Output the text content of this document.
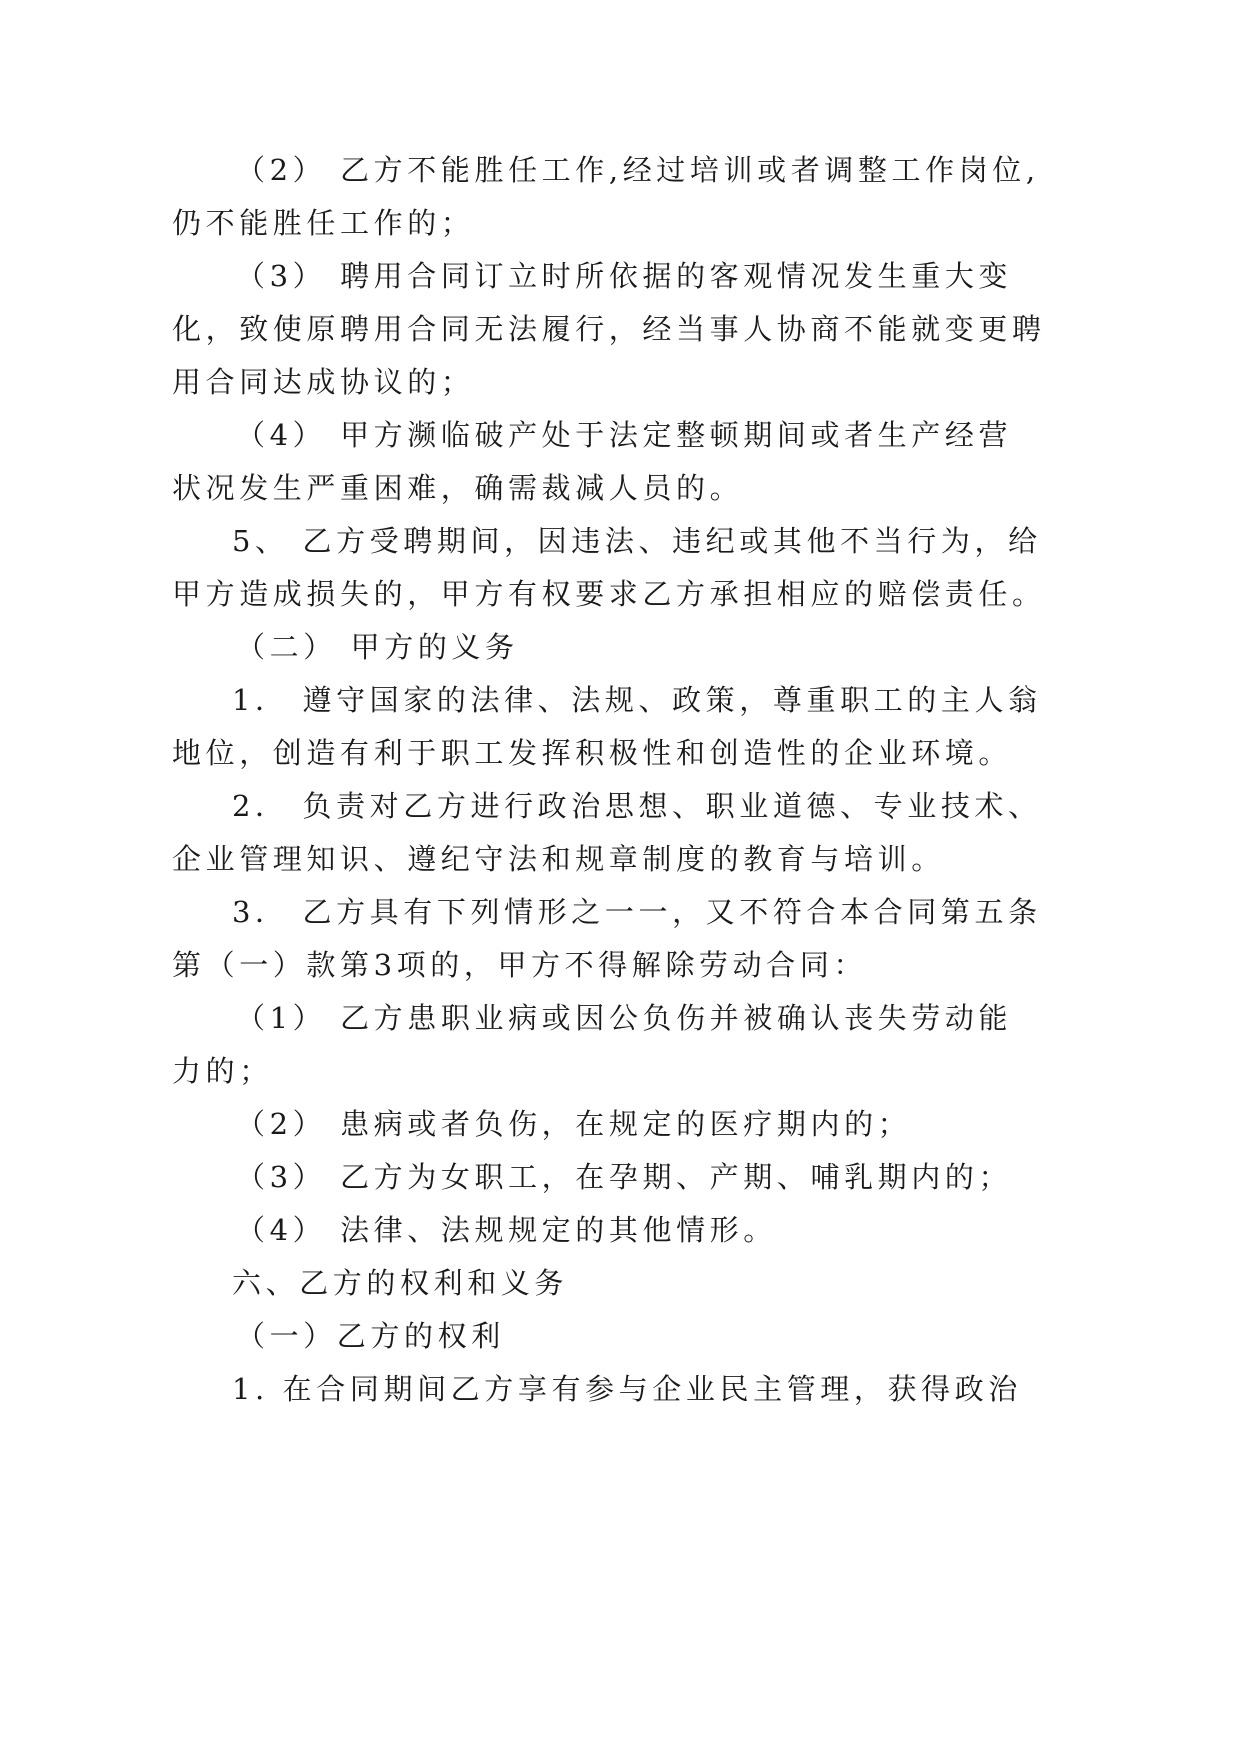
（2） 乙方不能胜任工作,经过培训或者调整工作岗位,
仍不能胜任工作的；
（3） 聘用合同订立时所依据的客观情况发生重大变
化，致使原聘用合同无法履行，经当事人协商不能就变更聘
用合同达成协议的；
（4） 甲方濒临破产处于法定整顿期间或者生产经营
状况发生严重困难，确需裁减人员的。
5、 乙方受聘期间，因违法、违纪或其他不当行为，给
甲方造成损失的，甲方有权要求乙方承担相应的赔偿责任。
（二） 甲方的义务
1． 遵守国家的法律、法规、政策，尊重职工的主人翁
地位，创造有利于职工发挥积极性和创造性的企业环境。
2． 负责对乙方进行政治思想、职业道德、专业技术、
企业管理知识、遵纪守法和规章制度的教育与培训。
3． 乙方具有下列情形之一一，又不符合本合同第五条
第（一）款第3项的，甲方不得解除劳动合同：
（1） 乙方患职业病或因公负伤并被确认丧失劳动能
力的；
（2） 患病或者负伤，在规定的医疗期内的；
（3） 乙方为女职工，在孕期、产期、哺乳期内的；
（4） 法律、法规规定的其他情形。
六、乙方的权利和义务
（一）乙方的权利
1. 在合同期间乙方享有参与企业民主管理，获得政治
